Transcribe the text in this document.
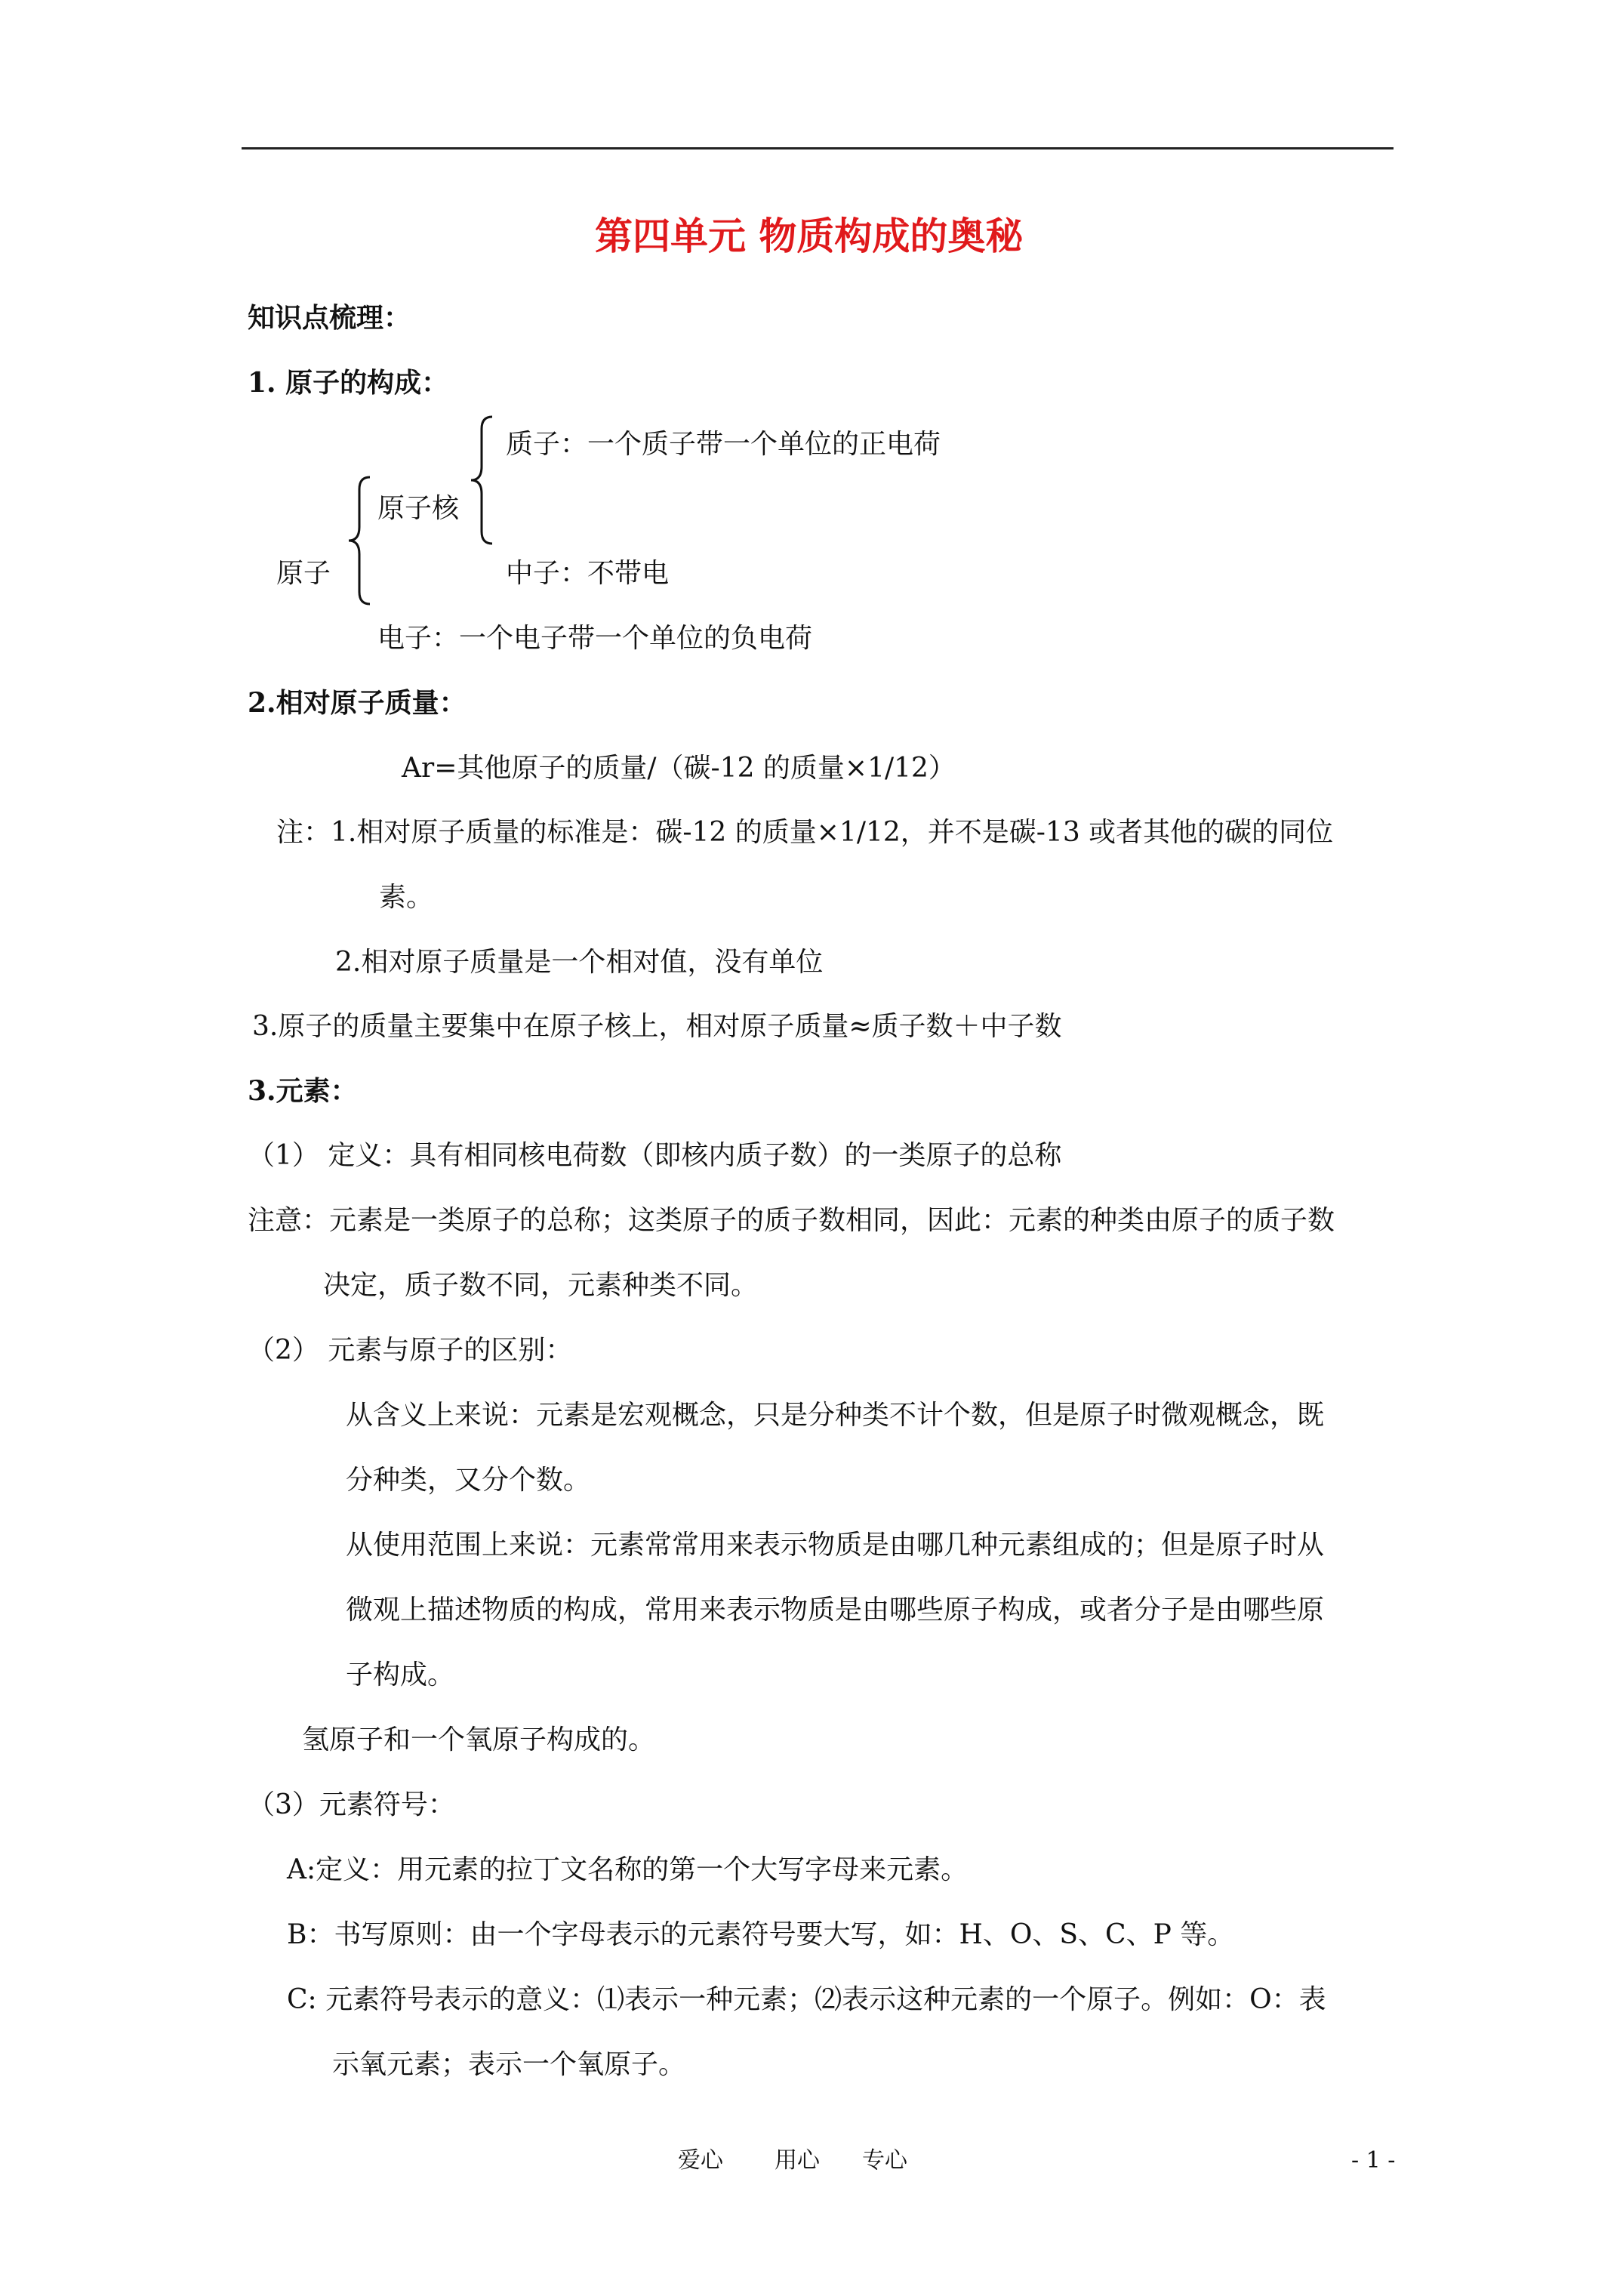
第四单元 物质构成的奥秘
知识点梳理：
1. 原子的构成：
质子：一个质子带一个单位的正电荷
原子核
原子	中子：不带电
电子：一个电子带一个单位的负电荷
2.相对原子质量：
Ar=其他原子的质量/（碳-12 的质量×1/12）
注：1.相对原子质量的标准是：碳-12 的质量×1/12，并不是碳-13 或者其他的碳的同位
素。
2.相对原子质量是一个相对值，没有单位
3.原子的质量主要集中在原子核上，相对原子质量≈质子数＋中子数
3.元素：
（1） 定义：具有相同核电荷数（即核内质子数）的一类原子的总称
注意：元素是一类原子的总称；这类原子的质子数相同，因此：元素的种类由原子的质子数
决定，质子数不同，元素种类不同。
（2） 元素与原子的区别：
从含义上来说：元素是宏观概念，只是分种类不计个数，但是原子时微观概念，既
分种类，又分个数。
从使用范围上来说：元素常常用来表示物质是由哪几种元素组成的；但是原子时从
微观上描述物质的构成，常用来表示物质是由哪些原子构成，或者分子是由哪些原
子构成。
氢原子和一个氧原子构成的。
（3）元素符号：
A:定义：用元素的拉丁文名称的第一个大写字母来元素。
B：书写原则：由一个字母表示的元素符号要大写，如：H、O、S、C、P 等。
C: 元素符号表示的意义：⑴表示一种元素；⑵表示这种元素的一个原子。例如：O：表
示氧元素；表示一个氧原子。
爱心 用心 专心	- 1 -
